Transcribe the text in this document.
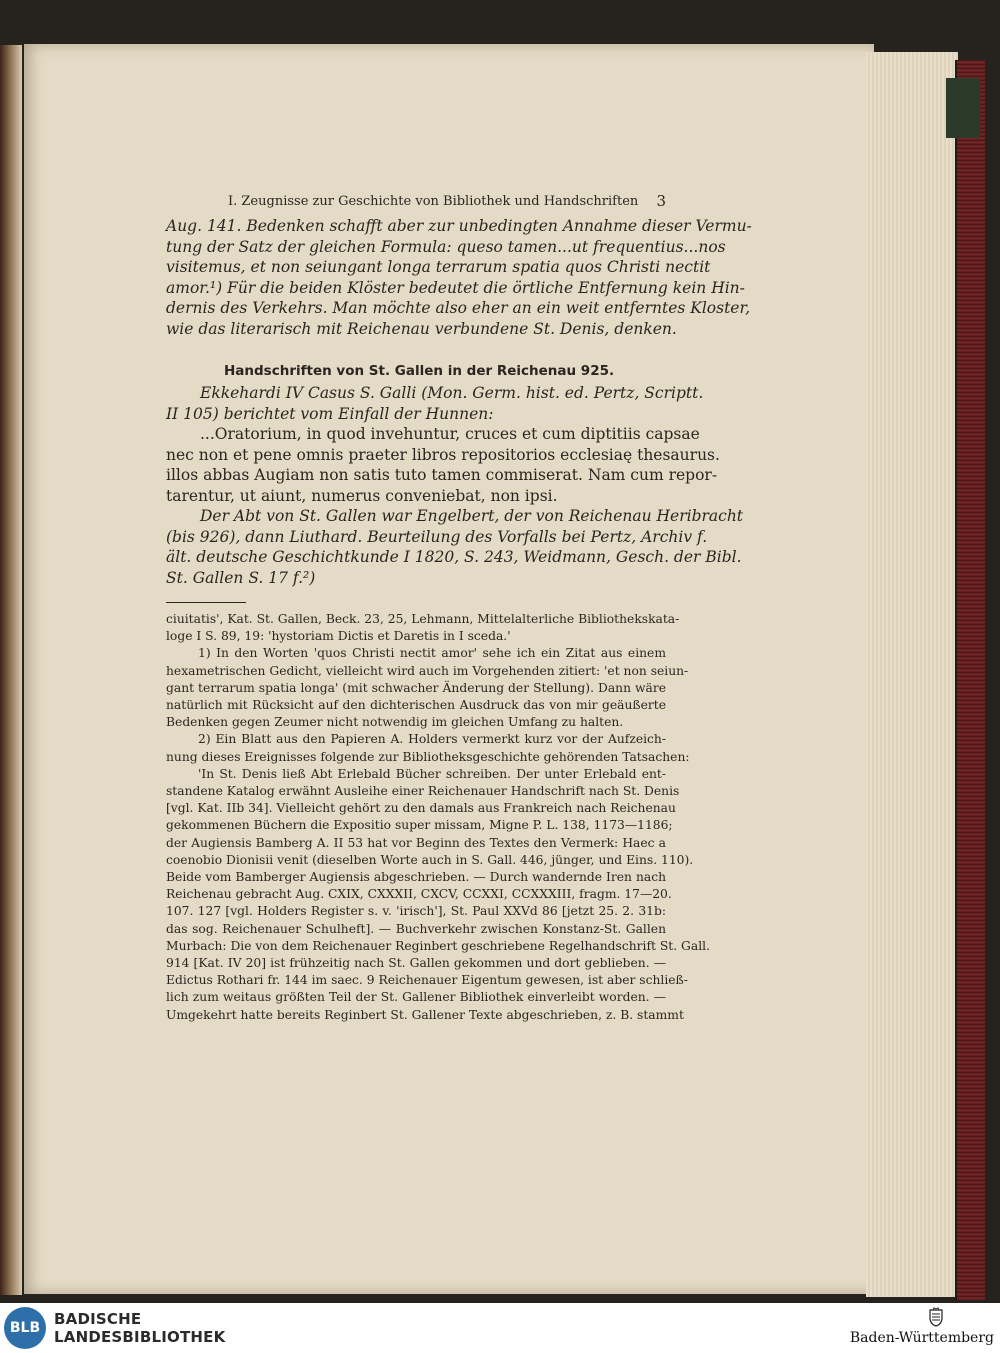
I. Zeugnisse zur Geschichte von Bibliothek und Handschriften 3
Aug. 141. Bedenken schafft aber zur unbedingten Annahme dieser Vermu-
tung der Satz der gleichen Formula: queso tamen...ut frequentius...nos
visitemus, et non seiungant longa terrarum spatia quos Christi nectit
amor.¹) Für die beiden Klöster bedeutet die örtliche Entfernung kein Hin-
dernis des Verkehrs. Man möchte also eher an ein weit entferntes Kloster,
wie das literarisch mit Reichenau verbundene St. Denis, denken.
Handschriften von St. Gallen in der Reichenau 925.
Ekkehardi IV Casus S. Galli (Mon. Germ. hist. ed. Pertz, Scriptt.
II 105) berichtet vom Einfall der Hunnen:
...Oratorium, in quod invehuntur, cruces et cum diptitiis capsae
nec non et pene omnis praeter libros repositorios ecclesiaę thesaurus.
illos abbas Augiam non satis tuto tamen commiserat. Nam cum repor-
tarentur, ut aiunt, numerus conveniebat, non ipsi.
Der Abt von St. Gallen war Engelbert, der von Reichenau Heribracht
(bis 926), dann Liuthard. Beurteilung des Vorfalls bei Pertz, Archiv f.
ält. deutsche Geschichtkunde I 1820, S. 243, Weidmann, Gesch. der Bibl.
St. Gallen S. 17 f.²)
ciuitatis', Kat. St. Gallen, Beck. 23, 25, Lehmann, Mittelalterliche Bibliothekskata-
loge I S. 89, 19: 'hystoriam Dictis et Daretis in I sceda.'
1) In den Worten 'quos Christi nectit amor' sehe ich ein Zitat aus einem
hexametrischen Gedicht, vielleicht wird auch im Vorgehenden zitiert: 'et non seiun-
gant terrarum spatia longa' (mit schwacher Änderung der Stellung). Dann wäre
natürlich mit Rücksicht auf den dichterischen Ausdruck das von mir geäußerte
Bedenken gegen Zeumer nicht notwendig im gleichen Umfang zu halten.
2) Ein Blatt aus den Papieren A. Holders vermerkt kurz vor der Aufzeich-
nung dieses Ereignisses folgende zur Bibliotheksgeschichte gehörenden Tatsachen:
'In St. Denis ließ Abt Erlebald Bücher schreiben. Der unter Erlebald ent-
standene Katalog erwähnt Ausleihe einer Reichenauer Handschrift nach St. Denis
[vgl. Kat. IIb 34]. Vielleicht gehört zu den damals aus Frankreich nach Reichenau
gekommenen Büchern die Expositio super missam, Migne P. L. 138, 1173—1186;
der Augiensis Bamberg A. II 53 hat vor Beginn des Textes den Vermerk: Haec a
coenobio Dionisii venit (dieselben Worte auch in S. Gall. 446, jünger, und Eins. 110).
Beide vom Bamberger Augiensis abgeschrieben. — Durch wandernde Iren nach
Reichenau gebracht Aug. CXIX, CXXXII, CXCV, CCXXI, CCXXXIII, fragm. 17—20.
107. 127 [vgl. Holders Register s. v. 'irisch'], St. Paul XXVd 86 [jetzt 25. 2. 31b:
das sog. Reichenauer Schulheft]. — Buchverkehr zwischen Konstanz-St. Gallen
Murbach: Die von dem Reichenauer Reginbert geschriebene Regelhandschrift St. Gall.
914 [Kat. IV 20] ist frühzeitig nach St. Gallen gekommen und dort geblieben. —
Edictus Rothari fr. 144 im saec. 9 Reichenauer Eigentum gewesen, ist aber schließ-
lich zum weitaus größten Teil der St. Gallener Bibliothek einverleibt worden. —
Umgekehrt hatte bereits Reginbert St. Gallener Texte abgeschrieben, z. B. stammt
BLB BADISCHE
LANDESBIBLIOTHEK	Baden-Württemberg
